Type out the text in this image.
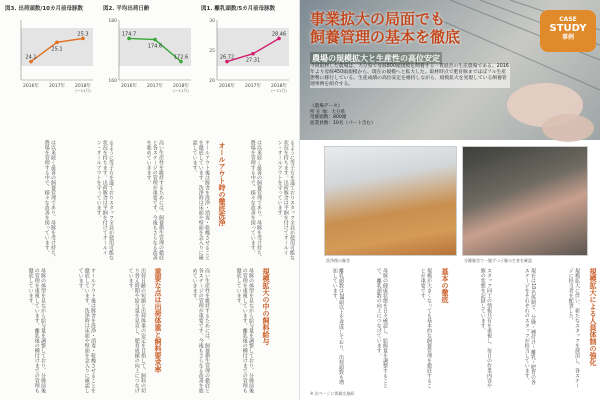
図3. 出荷頭数/10カ月前母豚数
24.1
2016年
25.1
2017年
25.3
2018年
(〜11月)
図2. 平均出荷日齢
160
180
174.7
2016年
174.6
2017年
172.6
2018年
(〜11月)
図1. 離乳頭数/5カ月前母豚数
20
25
30
26.72
2016年
27.31
2017年
28.46
2018年
(〜11月)
るように等子方を遂ておりスタッフ全員が使用可能な状況を持ちます。出荷豚舎は平飼を付けてオールイン・オールアウトを守っています。
は以来続く最善の飼養管理であり、母豚を受け持ち、農場を管理する中で、様々な改善を図っています。
オールアウト時の徹底洗浄
オールアウト後は豚舎を洗浄・消毒・乾燥させることを徹底しています。洗浄時は床面や壁面を念入りに確認しています。
高い生産性を維持するためには、飼養衛生管理の徹底と各ステージの管理が重要です。今後もさらなる改善を進めていきます。
るように等子方を遂ておりスタッフ全員が使用可能な状況を持ちます。出荷豚舎は平飼を付けてオールイン・オールアウトを守っています。
は以来続く最善の飼養管理であり、母豚を受け持ち、農場を管理する中で、様々な改善を図っています。
規模拡大の中の飼料給与
母豚の体型を見ながら給与量を調整しており、分娩前後の管理を重視しています。離乳後の種付けまでの管理も徹底しています。
高い生産性を維持するためには、飼養衛生管理の徹底と各ステージの管理が重要です。今後もさらなる改善を進めていきます。
重要な点は出荷体重と飼料要求率
出荷日齢の短縮と出荷体重の安定を目指して、飼料の切り替え時期や給与量を見直し、肥育成績の向上につなげています。
オールアウト後は豚舎を洗浄・消毒・乾燥させることを徹底しています。洗浄時は床面や壁面を念入りに確認しています。
母豚の体型を見ながら給与量を調整しており、分娩前後の管理を重視しています。離乳後の種付けまでの管理も徹底しています。
事業拡大の局面でも
飼養管理の基本を徹底
CASE
STUDY
事例
農場の規模拡大と生産性の高位安定
今回取材した農場は、大分県で母豚800頭規模を飼養する一貫経営の生産農場である。2016年より母豚450頭規模から、現在の規模へと拡大した。取材時点で肥育豚までほぼフル生産態勢に移行している。生産成績の高位安定を維持しながら、規模拡大を実現している飼養管理事例を紹介する。
《農場データ》
所 在 地：大分県
母豚頭数：800頭
従業員数：10名（パート含む）
洗浄後の豚舎	分娩豚舎で一腹ずつ子豚の生育を確認
規模拡大による人員体制の強化
規模拡大に伴い、新たなスタッフを採用し、各ステージに担当者を配置した。
現在は10名体制で、分娩・種付け・離乳・肥育の各ステージをそれぞれのスタッフが担当しています。
スタッフ同士の情報共有を重視し、毎日の作業内容や豚の状態を記録しています。
基本の徹底
規模が大きくなっても基本的な飼養管理を徹底することが重要です。
母豚の健康状態を日々確認し、給餌量を調整することで、離乳頭数の向上につなげています。
離乳頭数は28頭以上を達成しており、出荷頭数も増加しています。
※ 次ページに掲載を継続
